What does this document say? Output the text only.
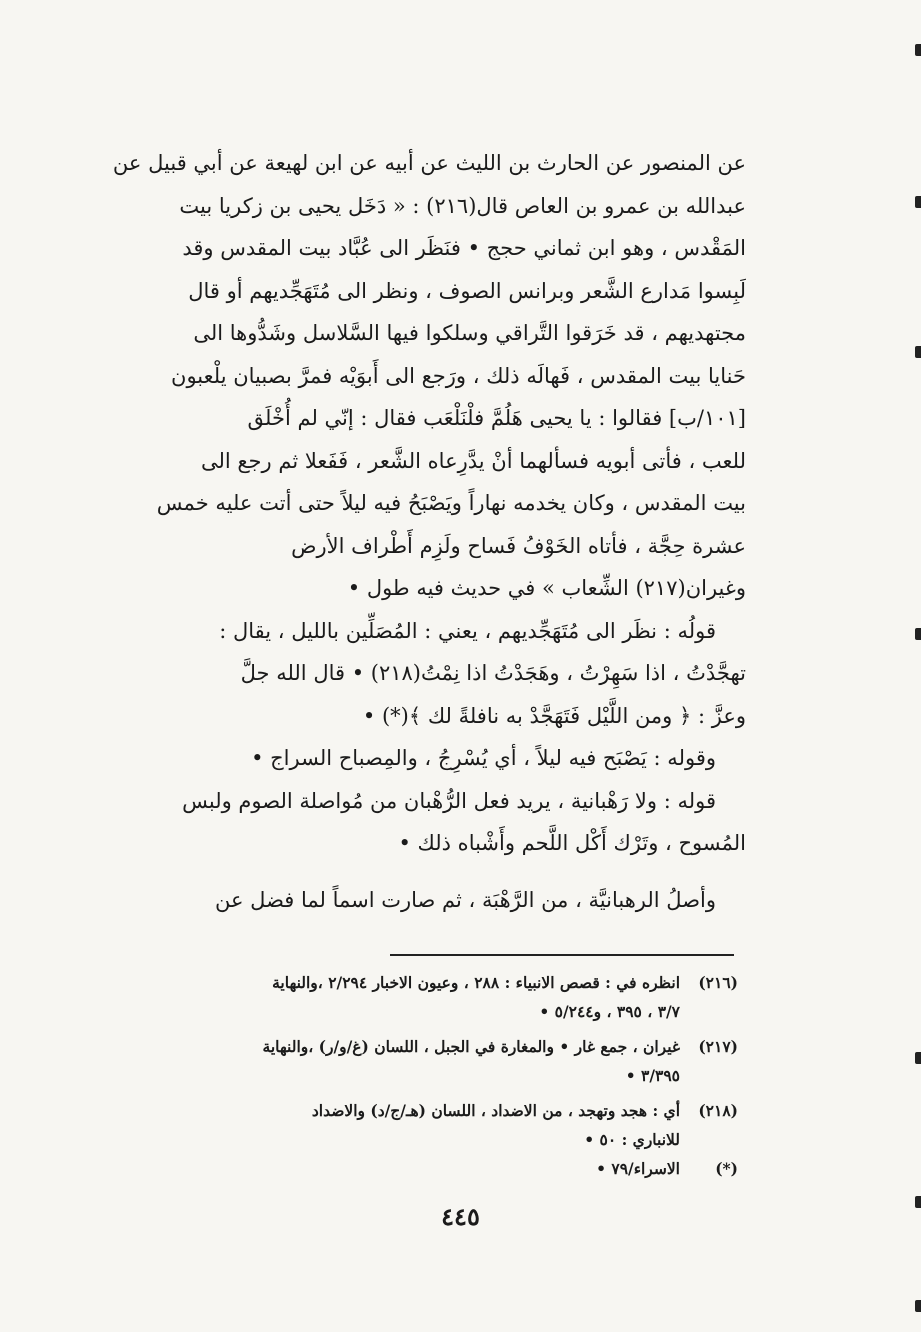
عن المنصور عن الحارث بن الليث عن أبيه عن ابن لهيعة عن أبي قبيل عن
عبدالله بن عمرو بن العاص قال(٢١٦) : « دَخَل يحيى بن زكريا بيت
المَقْدس ، وهو ابن ثماني حجج • فنَظَر الى عُبَّاد بيت المقدس وقد
لَبِسوا مَدارع الشَّعر وبرانس الصوف ، ونظر الى مُتَهَجِّديهم أو قال
مجتهديهم ، قد خَرَقوا التَّراقي وسلكوا فيها السَّلاسل وشَدُّوها الى
حَنايا بيت المقدس ، فَهالَه ذلك ، ورَجع الى أَبوَيْه فمرَّ بصبيان يلْعبون
[١٠١/ب] فقالوا : يا يحيى هَلُمَّ فلْنَلْعَب فقال : إنّي لم أُخْلَق
للعب ، فأتى أبويه فسألهما أنْ يدَّرِعاه الشَّعر ، فَفَعلا ثم رجع الى
بيت المقدس ، وكان يخدمه نهاراً ويَصْبَحُ فيه ليلاً حتى أتت عليه خمس
عشرة حِجَّة ، فأتاه الخَوْفُ فَساح ولَزِم أَطْراف الأرض
وغيران(٢١٧) الشِّعاب » في حديث فيه طول •
قولُه : نظَر الى مُتَهَجِّديهم ، يعني : المُصَلِّين بالليل ، يقال :
تهجَّدْتُ ، اذا سَهِرْتُ ، وهَجَدْتُ اذا نِمْتُ(٢١٨) • قال الله جلَّ
وعزَّ : ﴿ ومن اللَّيْل فَتَهَجَّدْ به نافلةً لك ﴾(*) •
وقوله : يَصْبَح فيه ليلاً ، أي يُسْرِجُ ، والمِصباح السراج •
قوله : ولا رَهْبانية ، يريد فعل الرُّهْبان من مُواصلة الصوم ولبس
المُسوح ، وتَرْك أَكْل اللَّحم وأَشْباه ذلك •
وأصلُ الرهبانيَّة ، من الرَّهْبَة ، ثم صارت اسماً لما فضل عن
(٢١٦)انظره في : قصص الانبياء : ٢٨٨ ، وعيون الاخبار ٢/٢٩٤ ،والنهاية
٣/٧ ، ٣٩٥ ، و٥/٢٤٤ •
(٢١٧)غيران ، جمع غار • والمغارة في الجبل ، اللسان (غ/و/ر) ،والنهاية
٣/٣٩٥ •
(٢١٨)أي : هجد وتهجد ، من الاضداد ، اللسان (هـ/ج/د) والاضداد
للانباري : ٥٠ •
(*)الاسراء/٧٩ •
٤٤٥
